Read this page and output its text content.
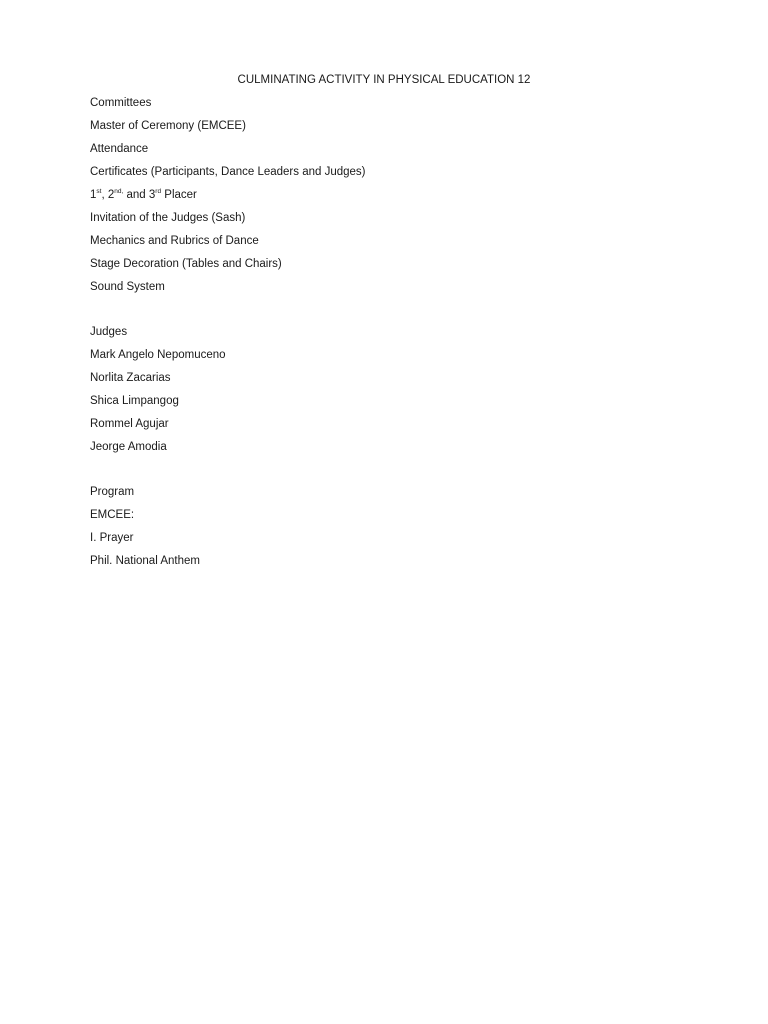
CULMINATING ACTIVITY IN PHYSICAL EDUCATION 12
Committees
Master of Ceremony (EMCEE)
Attendance
Certificates (Participants, Dance Leaders and Judges)
1st, $2^{nd,}$ and 3rd Placer
Invitation of the Judges (Sash)
Mechanics and Rubrics of Dance
Stage Decoration (Tables and Chairs)
Sound System
Judges
Mark Angelo Nepomuceno
Norlita Zacarias
Shica Limpangog
Rommel Agujar
Jeorge Amodia
Program
EMCEE:
I. Prayer
Phil. National Anthem
